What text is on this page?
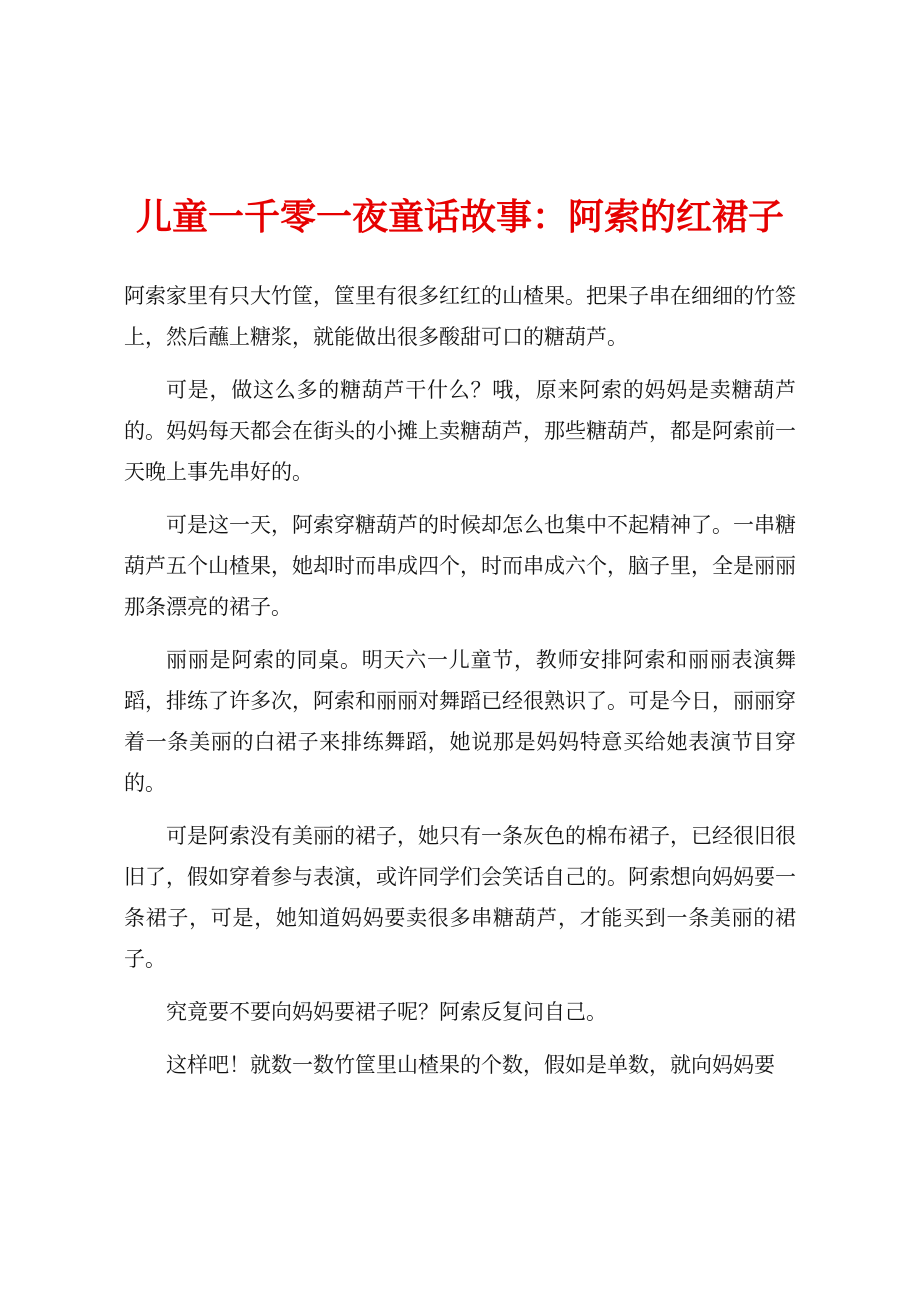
儿童一千零一夜童话故事：阿索的红裙子

阿索家里有只大竹筐，筐里有很多红红的山楂果。把果子串在细细的竹签上，然后蘸上糖浆，就能做出很多酸甜可口的糖葫芦。

可是，做这么多的糖葫芦干什么？哦，原来阿索的妈妈是卖糖葫芦的。妈妈每天都会在街头的小摊上卖糖葫芦，那些糖葫芦，都是阿索前一天晚上事先串好的。

可是这一天，阿索穿糖葫芦的时候却怎么也集中不起精神了。一串糖葫芦五个山楂果，她却时而串成四个，时而串成六个，脑子里，全是丽丽那条漂亮的裙子。

丽丽是阿索的同桌。明天六一儿童节，教师安排阿索和丽丽表演舞蹈，排练了许多次，阿索和丽丽对舞蹈已经很熟识了。可是今日，丽丽穿着一条美丽的白裙子来排练舞蹈，她说那是妈妈特意买给她表演节目穿的。

可是阿索没有美丽的裙子，她只有一条灰色的棉布裙子，已经很旧很旧了，假如穿着参与表演，或许同学们会笑话自己的。阿索想向妈妈要一条裙子，可是，她知道妈妈要卖很多串糖葫芦，才能买到一条美丽的裙子。

究竟要不要向妈妈要裙子呢？阿索反复问自己。

这样吧！就数一数竹筐里山楂果的个数，假如是单数，就向妈妈要
